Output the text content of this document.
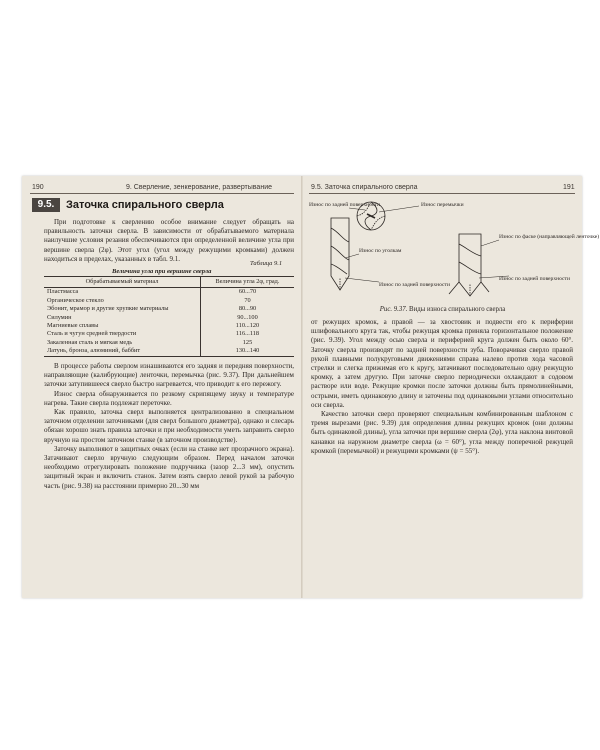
190	9. Сверление, зенкерование, развертывание
9.5.	Заточка спирального сверла

При подготовке к сверлению особое внимание следует обращать на правильность заточки сверла. В зависимости от обрабатываемого материала наилучшие условия резания обеспечиваются при определенной величине угла при вершине сверла (2φ). Этот угол (угол между режущими кромками) должен находиться в пределах, указанных в табл. 9.1.

Таблица 9.1
Величина угла при вершине сверла
Обрабатываемый материал	Величина угла 2φ, град.
Пластмасса	60...70
Органическое стекло	70
Эбонит, мрамор и другие хрупкие материалы	80...90
Силумин	90...100
Магниевые сплавы	110...120
Сталь и чугун средней твердости	116...118
Закаленная сталь и мягкая медь	125
Латунь, бронза, алюминий, баббит	130...140

В процессе работы сверлом изнашиваются его задняя и передняя поверхности, направляющие (калибрующие) ленточки, перемычка (рис. 9.37). При дальнейшем заточки затупившееся сверло быстро нагревается, что приводит к его пережогу.

Износ сверла обнаруживается по резкому скрипящему звуку и температуре нагрева. Такие сверла подлежат переточке.

Как правило, заточка сверл выполняется централизованно в специальном заточном отделении заточниками (для сверл большого диаметра), однако и слесарь обязан хорошо знать правила заточки и при необходимости уметь заправить сверло вручную на простом заточном станке (в заточном производстве).

Заточку выполняют в защитных очках (если на станке нет прозрачного экрана). Затачивают сверло вручную следующим образом. Перед началом заточки необходимо отрегулировать положение подручника (зазор 2...3 мм), опустить защитный экран и включить станок. Затем взять сверло левой рукой за рабочую часть (рис. 9.38) на расстоянии примерно 20...30 мм

9.5. Заточка спирального сверла	191
Износ по задней поверхности	Износ перемычки
Износ по фаске (направляющей ленточке)
Износ по уголкам
Износ по задней поверхности
Износ по задней поверхности
Рис. 9.37. Виды износа спирального сверла

от режущих кромок, а правой — за хвостовик и подвести его к периферии шлифовального круга так, чтобы режущая кромка приняла горизонтальное положение (рис. 9.39). Угол между осью сверла и периферией круга должен быть около 60°. Заточку сверла производят по задней поверхности зуба. Поворачивая сверло правой рукой плавными полукруговыми движениями справа налево против хода часовой стрелки и слегка прижимая его к кругу, затачивают последовательно одну режущую кромку, а затем другую. При заточке сверло периодически охлаждают в содовом растворе или воде. Режущие кромки после заточки должны быть прямолинейными, острыми, иметь одинаковую длину и заточены под одинаковыми углами относительно оси сверла.

Качество заточки сверл проверяют специальным комбинированным шаблоном с тремя вырезами (рис. 9.39) для определения длины режущих кромок (они должны быть одинаковой длины), угла заточки при вершине сверла (2φ), угла наклона винтовой канавки на наружном диаметре сверла (ω = 60°), угла между поперечной режущей кромкой (перемычкой) и режущими кромками (ψ = 55°).
